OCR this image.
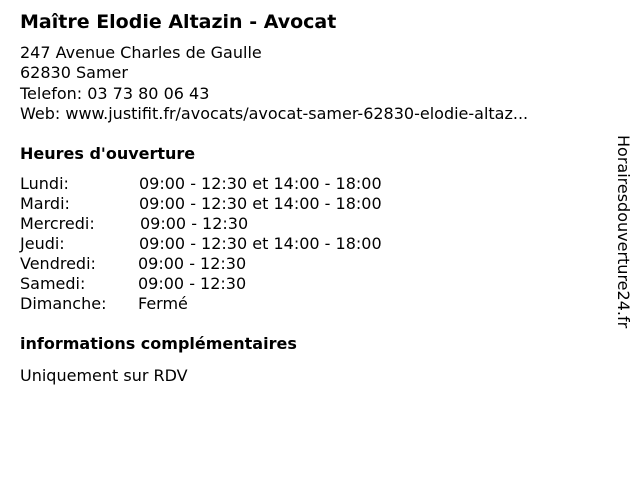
Maître Elodie Altazin - Avocat
247 Avenue Charles de Gaulle
62830 Samer
Telefon: 03 73 80 06 43
Web: www.justifit.fr/avocats/avocat-samer-62830-elodie-altaz...
Heures d'ouverture
Lundi:	09:00 - 12:30 et 14:00 - 18:00
Mardi:	09:00 - 12:30 et 14:00 - 18:00
Mercredi:	09:00 - 12:30
Jeudi:	09:00 - 12:30 et 14:00 - 18:00
Vendredi:	09:00 - 12:30
Samedi:	09:00 - 12:30
Dimanche: Fermé
informations complémentaires
Uniquement sur RDV
Horairesdouverture24.fr
